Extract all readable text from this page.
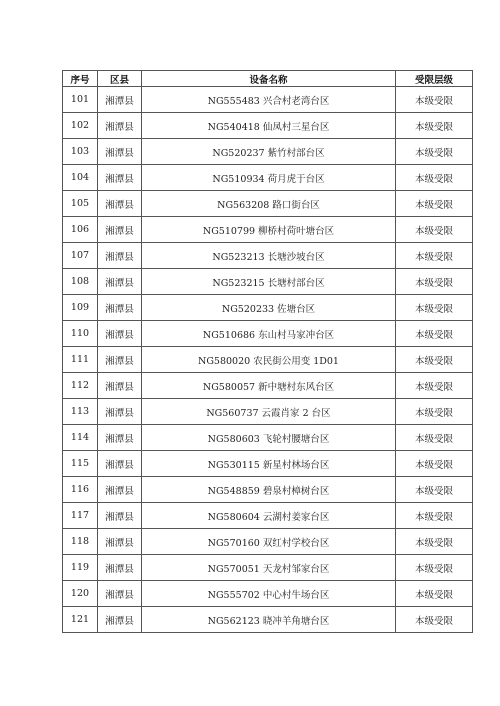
序号	区县	设备名称	受限层级
101	湘潭县	NG555483 兴合村老湾台区	本级受限
102	湘潭县	NG540418 仙凤村三星台区	本级受限
103	湘潭县	NG520237 紫竹村部台区	本级受限
104	湘潭县	NG510934 荷月虎于台区	本级受限
105	湘潭县	NG563208 路口街台区	本级受限
106	湘潭县	NG510799 柳桥村荷叶塘台区	本级受限
107	湘潭县	NG523213 长塘沙坡台区	本级受限
108	湘潭县	NG523215 长塘村部台区	本级受限
109	湘潭县	NG520233 佐塘台区	本级受限
110	湘潭县	NG510686 东山村马家冲台区	本级受限
111	湘潭县	NG580020 农民街公用变 1D01	本级受限
112	湘潭县	NG580057 新中塘村东风台区	本级受限
113	湘潭县	NG560737 云霞肖家 2 台区	本级受限
114	湘潭县	NG580603 飞轮村腰塘台区	本级受限
115	湘潭县	NG530115 新星村林场台区	本级受限
116	湘潭县	NG548859 碧泉村樟树台区	本级受限
117	湘潭县	NG580604 云湖村姜家台区	本级受限
118	湘潭县	NG570160 双红村学校台区	本级受限
119	湘潭县	NG570051 天龙村邹家台区	本级受限
120	湘潭县	NG555702 中心村牛场台区	本级受限
121	湘潭县	NG562123 晓冲羊角塘台区	本级受限
